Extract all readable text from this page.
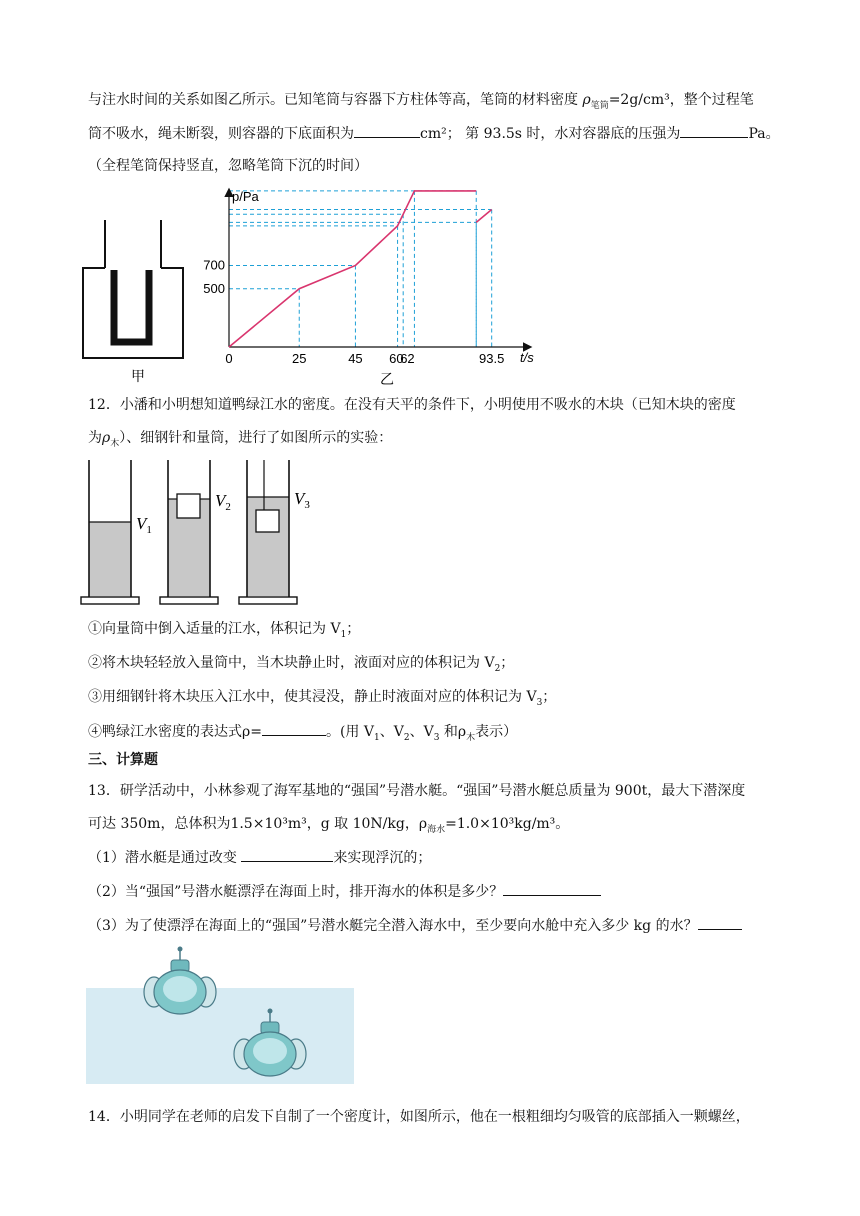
与注水时间的关系如图乙所示。已知笔筒与容器下方柱体等高，笔筒的材料密度 $\rho_{笔筒}=2g$/cm³，整个过程笔
筒不吸水，绳未断裂，则容器的下底面积为	cm²； 第 93.5s 时，水对容器底的压强为	Pa。
（全程笔筒保持竖直，忽略笔筒下沉的时间）
甲
p/Pa
t/s
0	25	45 60
62	93.5
700
500
乙
12．小潘和小明想知道鸭绿江水的密度。在没有天平的条件下，小明使用不吸水的木块（已知木块的密度
为$\rho_木$）、细钢针和量筒，进行了如图所示的实验：
$V_1$
$V_2$	$V_3$
①向量筒中倒入适量的江水，体积记为 $V_1$；
②将木块轻轻放入量筒中，当木块静止时，液面对应的体积记为 $V_2$；
③用细钢针将木块压入江水中，使其浸没，静止时液面对应的体积记为 $V_3$；
④鸭绿江水密度的表达式ρ=	。(用 $V_1$、$V_2$、$V_3$ 和$\rho_木$表示）
三、计算题
13．研学活动中，小林参观了海军基地的“强国”号潜水艇。“强国”号潜水艇总质量为 900t，最大下潜深度
可达 350m，总体积为1.5×10³m³，g 取 10N/kg，$\rho_{海水}=1.0\times 10^3kg/m^3$。
（1）潜水艇是通过改变	来实现浮沉的；
（2）当“强国”号潜水艇漂浮在海面上时，排开海水的体积是多少？
（3）为了使漂浮在海面上的“强国”号潜水艇完全潜入海水中，至少要向水舱中充入多少 kg 的水？
14．小明同学在老师的启发下自制了一个密度计，如图所示，他在一根粗细均匀吸管的底部插入一颗螺丝，
